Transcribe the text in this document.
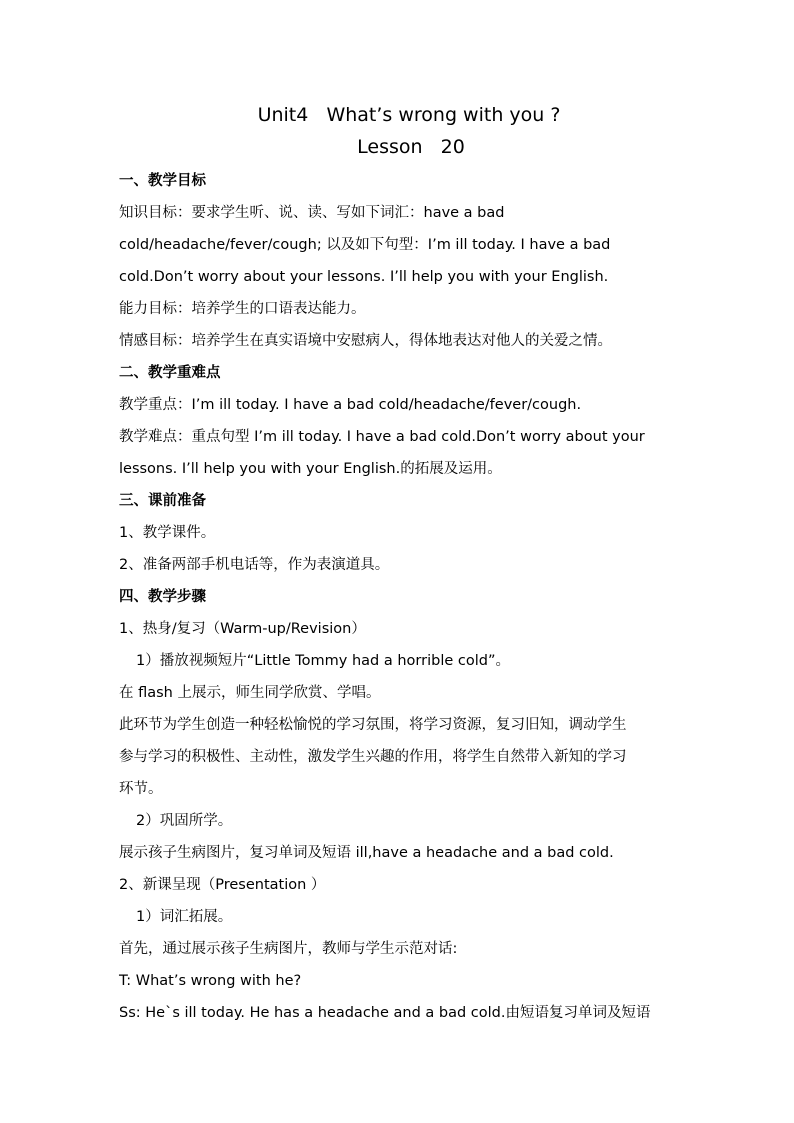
Unit4   What’s wrong with you ?
Lesson   20
一、教学目标
知识目标：要求学生听、说、读、写如下词汇：have a bad
cold/headache/fever/cough; 以及如下句型：I’m ill today. I have a bad
cold.Don’t worry about your lessons. I’ll help you with your English.
能力目标：培养学生的口语表达能力。
情感目标：培养学生在真实语境中安慰病人，得体地表达对他人的关爱之情。
二、教学重难点
教学重点：I’m ill today. I have a bad cold/headache/fever/cough.
教学难点：重点句型 I’m ill today. I have a bad cold.Don’t worry about your
lessons. I’ll help you with your English.的拓展及运用。
三、课前准备
1、教学课件。
2、准备两部手机电话等，作为表演道具。
四、教学步骤
1、热身/复习（Warm-up/Revision）
1）播放视频短片“Little Tommy had a horrible cold”。
在 flash 上展示，师生同学欣赏、学唱。
此环节为学生创造一种轻松愉悦的学习氛围，将学习资源，复习旧知，调动学生
参与学习的积极性、主动性，激发学生兴趣的作用，将学生自然带入新知的学习
环节。
2）巩固所学。
展示孩子生病图片，复习单词及短语 ill,have a headache and a bad cold.
2、新课呈现（Presentation ）
1）词汇拓展。
首先，通过展示孩子生病图片，教师与学生示范对话:
T: What’s wrong with he?
Ss: He`s ill today. He has a headache and a bad cold.由短语复习单词及短语
